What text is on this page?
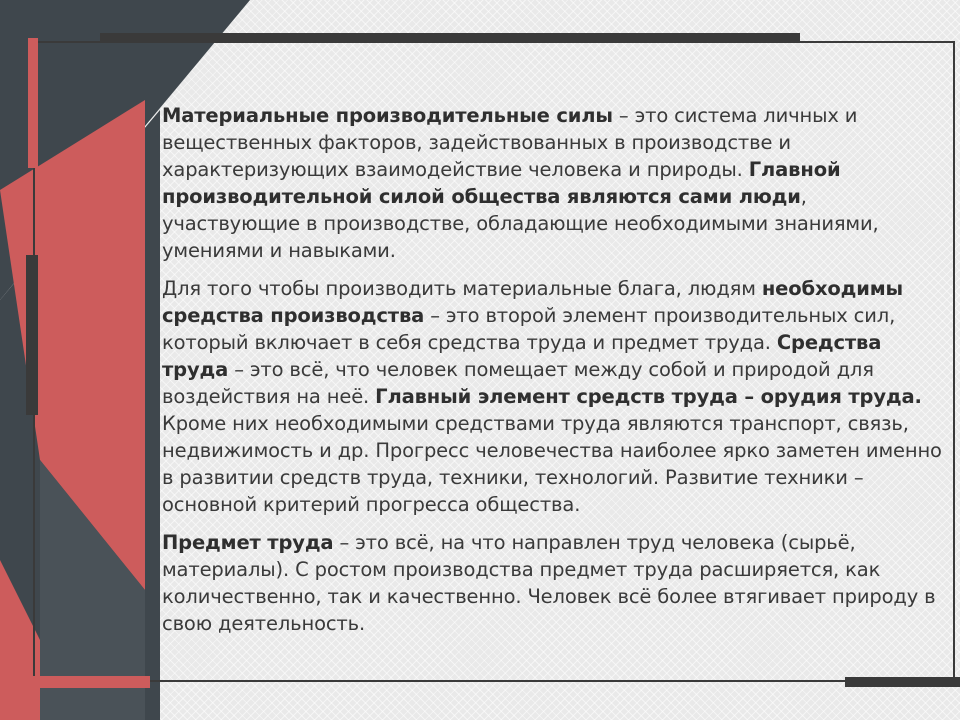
Материальные производительные силы – это система личных и вещественных факторов, задействованных в производстве и характеризующих взаимодействие человека и природы. Главной производительной силой общества являются сами люди, участвующие в производстве, обладающие необходимыми знаниями, умениями и навыками.

Для того чтобы производить материальные блага, людям необходимы средства производства – это второй элемент производительных сил, который включает в себя средства труда и предмет труда. Средства труда – это всё, что человек помещает между собой и природой для воздействия на неё. Главный элемент средств труда – орудия труда. Кроме них необходимыми средствами труда являются транспорт, связь, недвижимость и др. Прогресс человечества наиболее ярко заметен именно в развитии средств труда, техники, технологий. Развитие техники – основной критерий прогресса общества.

Предмет труда – это всё, на что направлен труд человека (сырьё, материалы). С ростом производства предмет труда расширяется, как количественно, так и качественно. Человек всё более втягивает природу в свою деятельность.
